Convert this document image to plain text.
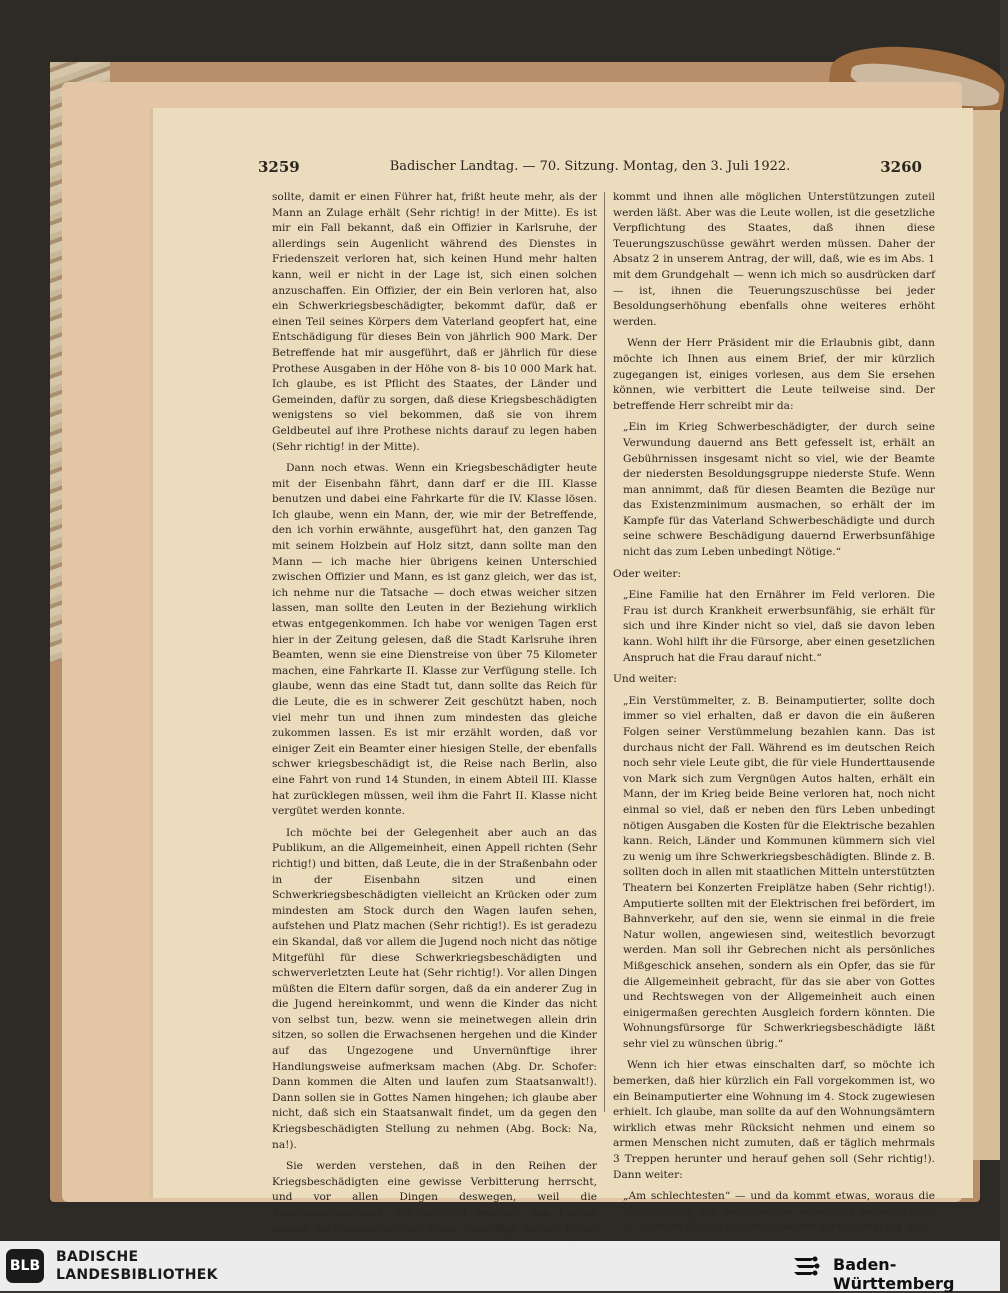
3259	Badischer Landtag. — 70. Sitzung. Montag, den 3. Juli 1922.	3260

sollte, damit er einen Führer hat, frißt heute mehr, als der Mann an Zulage erhält (Sehr richtig! in der Mitte). Es ist mir ein Fall bekannt, daß ein Offizier in Karlsruhe, der allerdings sein Augenlicht während des Dienstes in Friedenszeit verloren hat, sich keinen Hund mehr halten kann, weil er nicht in der Lage ist, sich einen solchen anzuschaffen. Ein Offizier, der ein Bein verloren hat, also ein Schwerkriegsbeschädigter, bekommt dafür, daß er einen Teil seines Körpers dem Vaterland geopfert hat, eine Entschädigung für dieses Bein von jährlich 900 Mark. Der Betreffende hat mir ausgeführt, daß er jährlich für diese Prothese Ausgaben in der Höhe von 8- bis 10 000 Mark hat. Ich glaube, es ist Pflicht des Staates, der Länder und Gemeinden, dafür zu sorgen, daß diese Kriegsbeschädigten wenigstens so viel bekommen, daß sie von ihrem Geldbeutel auf ihre Prothese nichts darauf zu legen haben (Sehr richtig! in der Mitte).

Dann noch etwas. Wenn ein Kriegsbeschädigter heute mit der Eisenbahn fährt, dann darf er die III. Klasse benutzen und dabei eine Fahrkarte für die IV. Klasse lösen. Ich glaube, wenn ein Mann, der, wie mir der Betreffende, den ich vorhin erwähnte, ausgeführt hat, den ganzen Tag mit seinem Holzbein auf Holz sitzt, dann sollte man den Mann — ich mache hier übrigens keinen Unterschied zwischen Offizier und Mann, es ist ganz gleich, wer das ist, ich nehme nur die Tatsache — doch etwas weicher sitzen lassen, man sollte den Leuten in der Beziehung wirklich etwas entgegenkommen. Ich habe vor wenigen Tagen erst hier in der Zeitung gelesen, daß die Stadt Karlsruhe ihren Beamten, wenn sie eine Dienstreise von über 75 Kilometer machen, eine Fahrkarte II. Klasse zur Verfügung stelle. Ich glaube, wenn das eine Stadt tut, dann sollte das Reich für die Leute, die es in schwerer Zeit geschützt haben, noch viel mehr tun und ihnen zum mindesten das gleiche zukommen lassen. Es ist mir erzählt worden, daß vor einiger Zeit ein Beamter einer hiesigen Stelle, der ebenfalls schwer kriegsbeschädigt ist, die Reise nach Berlin, also eine Fahrt von rund 14 Stunden, in einem Abteil III. Klasse hat zurücklegen müssen, weil ihm die Fahrt II. Klasse nicht vergütet werden konnte.

Ich möchte bei der Gelegenheit aber auch an das Publikum, an die Allgemeinheit, einen Appell richten (Sehr richtig!) und bitten, daß Leute, die in der Straßenbahn oder in der Eisenbahn sitzen und einen Schwerkriegsbeschädigten vielleicht an Krücken oder zum mindesten am Stock durch den Wagen laufen sehen, aufstehen und Platz machen (Sehr richtig!). Es ist geradezu ein Skandal, daß vor allem die Jugend noch nicht das nötige Mitgefühl für diese Schwerkriegsbeschädigten und schwerverletzten Leute hat (Sehr richtig!). Vor allen Dingen müßten die Eltern dafür sorgen, daß da ein anderer Zug in die Jugend hereinkommt, und wenn die Kinder das nicht von selbst tun, bezw. wenn sie meinetwegen allein drin sitzen, so sollen die Erwachsenen hergehen und die Kinder auf das Ungezogene und Unvernünftige ihrer Handlungsweise aufmerksam machen (Abg. Dr. Schofer: Dann kommen die Alten und laufen zum Staatsanwalt!). Dann sollen sie in Gottes Namen hingehen; ich glaube aber nicht, daß sich ein Staatsanwalt findet, um da gegen den Kriegsbeschädigten Stellung zu nehmen (Abg. Bock: Na, na!).

Sie werden verstehen, daß in den Reihen der Kriegsbeschädigten eine gewisse Verbitterung herrscht, und vor allen Dingen deswegen, weil die Teuerungszuschüsse, die gewährt werden, den Leuten keinen Rechtsanspruch auf diese Zuschläge geben. Es ist

kommt und ihnen alle möglichen Unterstützungen zuteil werden läßt. Aber was die Leute wollen, ist die gesetzliche Verpflichtung des Staates, daß ihnen diese Teuerungszuschüsse gewährt werden müssen. Daher der Absatz 2 in unserem Antrag, der will, daß, wie es im Abs. 1 mit dem Grundgehalt — wenn ich mich so ausdrücken darf — ist, ihnen die Teuerungszuschüsse bei jeder Besoldungserhöhung ebenfalls ohne weiteres erhöht werden.

Wenn der Herr Präsident mir die Erlaubnis gibt, dann möchte ich Ihnen aus einem Brief, der mir kürzlich zugegangen ist, einiges vorlesen, aus dem Sie ersehen können, wie verbittert die Leute teilweise sind. Der betreffende Herr schreibt mir da:

„Ein im Krieg Schwerbeschädigter, der durch seine Verwundung dauernd ans Bett gefesselt ist, erhält an Gebührnissen insgesamt nicht so viel, wie der Beamte der niedersten Besoldungsgruppe niederste Stufe. Wenn man annimmt, daß für diesen Beamten die Bezüge nur das Existenzminimum ausmachen, so erhält der im Kampfe für das Vaterland Schwerbeschädigte und durch seine schwere Beschädigung dauernd Erwerbsunfähige nicht das zum Leben unbedingt Nötige.“

Oder weiter:

„Eine Familie hat den Ernährer im Feld verloren. Die Frau ist durch Krankheit erwerbsunfähig, sie erhält für sich und ihre Kinder nicht so viel, daß sie davon leben kann. Wohl hilft ihr die Fürsorge, aber einen gesetzlichen Anspruch hat die Frau darauf nicht.“

Und weiter:

„Ein Verstümmelter, z. B. Beinamputierter, sollte doch immer so viel erhalten, daß er davon die ein äußeren Folgen seiner Verstümmelung bezahlen kann. Das ist durchaus nicht der Fall. Während es im deutschen Reich noch sehr viele Leute gibt, die für viele Hunderttausende von Mark sich zum Vergnügen Autos halten, erhält ein Mann, der im Krieg beide Beine verloren hat, noch nicht einmal so viel, daß er neben den fürs Leben unbedingt nötigen Ausgaben die Kosten für die Elektrische bezahlen kann. Reich, Länder und Kommunen kümmern sich viel zu wenig um ihre Schwerkriegsbeschädigten. Blinde z. B. sollten doch in allen mit staatlichen Mitteln unterstützten Theatern bei Konzerten Freiplätze haben (Sehr richtig!). Amputierte sollten mit der Elektrischen frei befördert, im Bahnverkehr, auf den sie, wenn sie einmal in die freie Natur wollen, angewiesen sind, weitestlich bevorzugt werden. Man soll ihr Gebrechen nicht als persönliches Mißgeschick ansehen, sondern als ein Opfer, das sie für die Allgemeinheit gebracht, für das sie aber von Gottes und Rechtswegen von der Allgemeinheit auch einen einigermaßen gerechten Ausgleich fordern könnten. Die Wohnungsfürsorge für Schwerkriegsbeschädigte läßt sehr viel zu wünschen übrig.“

Wenn ich hier etwas einschalten darf, so möchte ich bemerken, daß hier kürzlich ein Fall vorgekommen ist, wo ein Beinamputierter eine Wohnung im 4. Stock zugewiesen erhielt. Ich glaube, man sollte da auf den Wohnungsämtern wirklich etwas mehr Rücksicht nehmen und einem so armen Menschen nicht zumuten, daß er täglich mehrmals 3 Treppen herunter und herauf gehen soll (Sehr richtig!). Dann weiter:

„Am schlechtesten“ — und da kommt etwas, woraus die Verbitterung des Betreffenden besonders herausspricht — „werden für die Folgen schwerer Verstümmelung die

BLB
BADISCHE
LANDESBIBLIOTHEK
Baden-Württemberg
